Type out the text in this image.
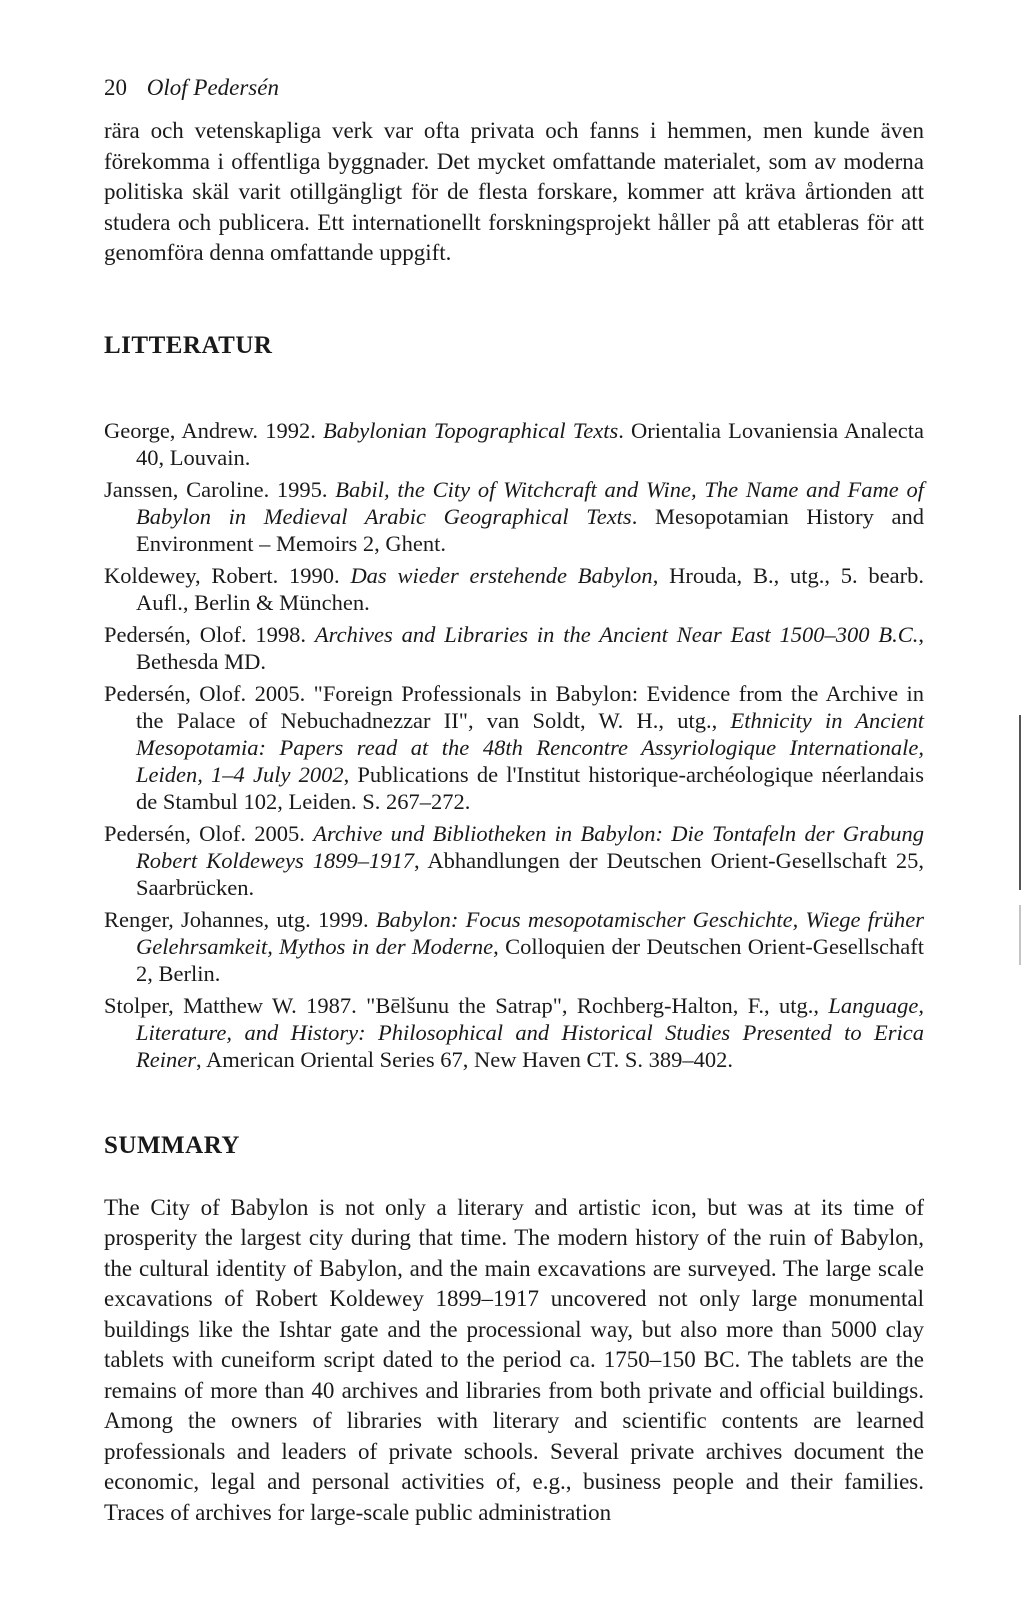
20 Olof Pedersén

rära och vetenskapliga verk var ofta privata och fanns i hemmen, men kunde även förekomma i offentliga byggnader. Det mycket omfattande materialet, som av moderna politiska skäl varit otillgängligt för de flesta forskare, kommer att kräva årtionden att studera och publicera. Ett internationellt forskningsprojekt håller på att etableras för att genomföra denna omfattande uppgift.

LITTERATUR
George, Andrew. 1992. Babylonian Topographical Texts. Orientalia Lovaniensia Analecta 40, Louvain.
Janssen, Caroline. 1995. Babil, the City of Witchcraft and Wine, The Name and Fame of Babylon in Medieval Arabic Geographical Texts. Mesopotamian History and Environment – Memoirs 2, Ghent.
Koldewey, Robert. 1990. Das wieder erstehende Babylon, Hrouda, B., utg., 5. bearb. Aufl., Berlin & München.
Pedersén, Olof. 1998. Archives and Libraries in the Ancient Near East 1500–300 B.C., Bethesda MD.
Pedersén, Olof. 2005. "Foreign Professionals in Babylon: Evidence from the Archive in the Palace of Nebuchadnezzar II", van Soldt, W. H., utg., Ethnicity in Ancient Mesopotamia: Papers read at the 48th Rencontre Assyriologique Internationale, Leiden, 1–4 July 2002, Publications de l'Institut historique-archéologique néerlandais de Stambul 102, Leiden. S. 267–272.
Pedersén, Olof. 2005. Archive und Bibliotheken in Babylon: Die Tontafeln der Grabung Robert Koldeweys 1899–1917, Abhandlungen der Deutschen Orient-Gesellschaft 25, Saarbrücken.
Renger, Johannes, utg. 1999. Babylon: Focus mesopotamischer Geschichte, Wiege früher Gelehrsamkeit, Mythos in der Moderne, Colloquien der Deutschen Orient-Gesellschaft 2, Berlin.
Stolper, Matthew W. 1987. "Bēlšunu the Satrap", Rochberg-Halton, F., utg., Language, Literature, and History: Philosophical and Historical Studies Presented to Erica Reiner, American Oriental Series 67, New Haven CT. S. 389–402.
SUMMARY

The City of Babylon is not only a literary and artistic icon, but was at its time of prosperity the largest city during that time. The modern history of the ruin of Babylon, the cultural identity of Babylon, and the main excavations are surveyed. The large scale excavations of Robert Koldewey 1899–1917 uncovered not only large monumental buildings like the Ishtar gate and the processional way, but also more than 5000 clay tablets with cuneiform script dated to the period ca. 1750–150 BC. The tablets are the remains of more than 40 archives and libraries from both private and official buildings. Among the owners of libraries with literary and scientific contents are learned professionals and leaders of private schools. Several private archives document the economic, legal and personal activities of, e.g., business people and their families. Traces of archives for large-scale public administration
